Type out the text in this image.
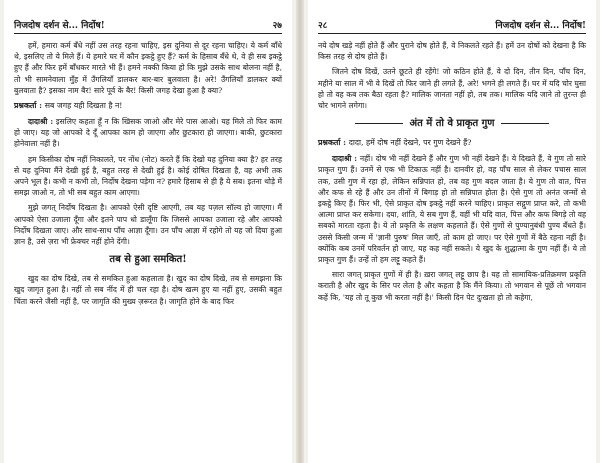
निजदोष दर्शन से... निर्दोष!	२७

हमें, हमारा कर्म बँधे नहीं उस तरह रहना चाहिए, इस दुनिया से दूर रहना चाहिए। ये कर्म बाँधे थे, इसलिए तो ये मिले हैं। ये हमारे घर में कौन इकट्ठे हुए हैं? कर्म के हिसाब बँधे थे, वे ही सब इकट्ठे हुए हैं और फिर हमें बाँधकर मारते भी हैं। हमने नक्की किया हो कि मुझे उसके साथ बोलना नहीं है, तो भी सामनेवाला मुँह में उँगलियाँ डालकर बार-बार बुलवाता है। अरे! उँगलियाँ डालकर क्यों बुलवाता है? इसका नाम बैर! सारे पूर्व के बैर! किसी जगह देखा हुआ है क्या?

प्रश्नकर्ता : सब जगह यही दिखता है न!

दादाश्री : इसलिए कहता हूँ न कि खिसक जाओ और मेरे पास आओ। यह मिले तो फिर काम हो जाए। यह जो आपको दे दूँ आपका काम हो जाएगा और छुटकारा हो जाएगा। बाकी, छुटकारा होनेवाला नहीं है।

हम किसीका दोष नहीं निकालते, पर नोंध (नोट) करते हैं कि देखो यह दुनिया क्या है? हर तरह से यह दुनिया मैंने देखी हुई है, बहुत तरह से देखी हुई है। कोई दोषित दिखता है, वह अभी तक अपने भूल है। कभी न कभी तो, निर्दोष देखना पड़ेगा न? हमारे हिसाब से ही है ये सब। इतना थोड़े में समझ जाओ न, तो भी सब बहुत काम आएगा।

मुझे जगत् निर्दोष दिखता है। आपको ऐसी दृष्टि आएगी, तब यह पज़ल सॉल्व हो जाएगा। मैं आपको ऐसा उजाला दूँगा और इतने पाप धो डालूँगा कि जिससे आपका उजाला रहे और आपको निर्दोष दिखता जाए। और साथ-साथ पाँच आज्ञा दूँगा। उन पाँच आज्ञा में रहोगे तो यह जो दिया हुआ ज्ञान है, उसे ज़रा भी फ्रेक्चर नहीं होने देंगी।

तब से हुआ समकित!

खुद का दोष दिखे, तब से समकित हुआ कहलाता है। खुद का दोष दिखे, तब से समझना कि खुद जागृत हुआ है। नहीं तो सब नींद में ही चल रहा है। दोष खत्म हुए या नहीं हुए, उसकी बहुत चिंता करने जैसी नहीं है, पर जागृति की मुख्य ज़रूरत है। जागृति होने के बाद फिर

२८	निजदोष दर्शन से... निर्दोष!

नये दोष खड़े नहीं होते हैं और पुराने दोष होते हैं, वे निकलते रहते हैं। हमें उन दोषों को देखना है कि किस तरह से दोष होते हैं।

जितने दोष दिखें, उतने छूटते ही रहेंगे! जो कठिन होते हैं, वे दो दिन, तीन दिन, पाँच दिन, महीने या साल में भी वे दिखें तो फिर जाने ही लगते हैं, अरे! भगने ही लगते हैं। घर में यदि चोर घुसा हो तो वह कब तक बैठा रहता है? मालिक जानता नहीं हो, तब तक। मालिक यदि जाने तो तुरन्त ही चोर भागने लगेगा।

अंत में तो वे प्राकृत गुण
प्रश्नकर्ता : दादा, हमें दोष नहीं देखने, पर गुण देखने हैं?

दादाश्री : नहीं। दोष भी नहीं देखने हैं और गुण भी नहीं देखने हैं। ये दिखते हैं, वे गुण तो सारे प्राकृत गुण हैं। उनमें से एक भी टिकाऊ नहीं है। दानवीर हो, वह पाँच साल से लेकर पचास साल तक, उसी गुण में रहा हो, लेकिन सन्निपात हो, तब वह गुण बदल जाता है। ये गुण तो वात, पित्त और कफ से रहे हैं और उन तीनों में बिगाड़ हो तो सन्निपात होता है। ऐसे गुण तो अनंत जन्मों से इकट्ठे किए हैं। फिर भी, ऐसे प्राकृत दोष इकट्ठे नहीं करने चाहिए। प्राकृत सद्गुण प्राप्त करे, तो कभी आत्मा प्राप्त कर सकेगा। दया, शांति, ये सब गुण हैं, वहीं भी यदि वात, पित्त और कफ बिगड़े तो वह सबको मारता रहता है। ये तो प्रकृति के लक्षण कहलाते हैं। ऐसे गुणों से पुण्यानुबंधी पुण्य बँधते हैं। उससे किसी जन्म में 'ज्ञानी पुरुष' मिल जाएँ, तो काम हो जाए। पर ऐसे गुणों में बैठे रहना नहीं है। क्योंकि कब उनमें परिवर्तन हो जाए, यह कह नहीं सकते। ये खुद के शुद्धात्मा के गुण नहीं हैं। ये तो प्राकृत गुण हैं। उन्हें तो हम लट्टू कहते हैं।

सारा जगत् प्राकृत गुणों में ही है। ख़रा जगत् लट्टू छाप है। यह तो सामायिक-प्रतिक्रमण प्रकृति कराती है और खुद के सिर पर लेता है और कहता है कि मैंने किया। तो भगवान से पूछें तो भगवान कहें कि, 'यह तो तू कुछ भी करता नहीं है।' किसी दिन पेट दुःखता हो तो कहेगा,
